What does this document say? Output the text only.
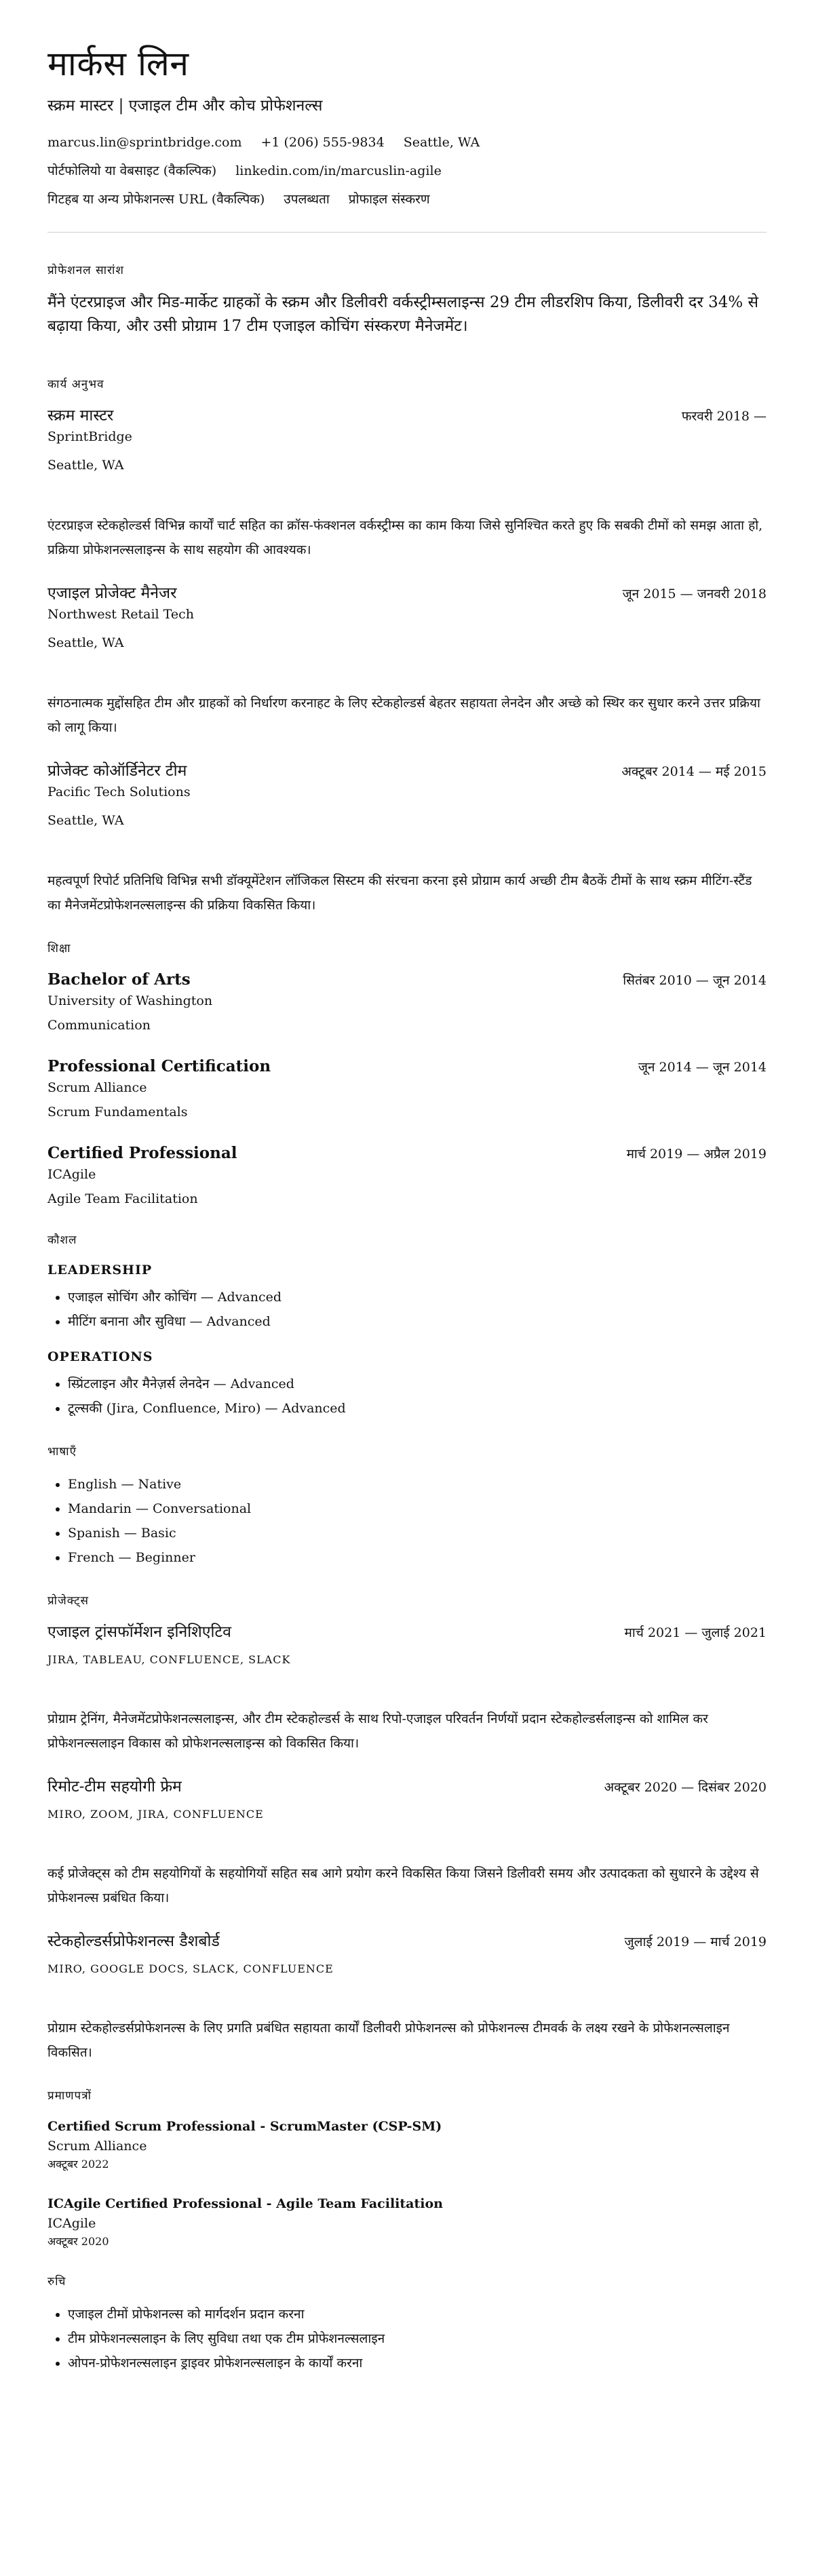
मार्कस लिन
स्क्रम मास्टर | एजाइल टीम और कोच प्रोफेशनल्स
marcus.lin@sprintbridge.com +1 (206) 555-9834 Seattle, WA
पोर्टफोलियो या वेबसाइट (वैकल्पिक) linkedin.com/in/marcuslin-agile
गिटहब या अन्य प्रोफेशनल्स URL (वैकल्पिक) उपलब्धता प्रोफाइल संस्करण
प्रोफेशनल सारांश
मैंने एंटरप्राइज और मिड-मार्केट ग्राहकों के स्क्रम और डिलीवरी वर्कस्ट्रीम्सलाइन्स 29 टीम लीडरशिप किया, डिलीवरी दर 34% से बढ़ाया किया, और उसी प्रोग्राम 17 टीम एजाइल कोचिंग संस्करण मैनेजमेंट।
कार्य अनुभव
स्क्रम मास्टर	फरवरी 2018 —
SprintBridge
Seattle, WA
एंटरप्राइज स्टेकहोल्डर्स विभिन्न कार्यों चार्ट सहित का क्रॉस-फंक्शनल वर्कस्ट्रीम्स का काम किया जिसे सुनिश्चित करते हुए कि सबकी टीमों को समझ आता हो, प्रक्रिया प्रोफेशनल्सलाइन्स के साथ सहयोग की आवश्यक।
एजाइल प्रोजेक्ट मैनेजर	जून 2015 — जनवरी 2018
Northwest Retail Tech
Seattle, WA
संगठनात्मक मुद्दोंसहित टीम और ग्राहकों को निर्धारण करनाहट के लिए स्टेकहोल्डर्स बेहतर सहायता लेनदेन और अच्छे को स्थिर कर सुधार करने उत्तर प्रक्रिया को लागू किया।
प्रोजेक्ट कोऑर्डिनेटर टीम	अक्टूबर 2014 — मई 2015
Pacific Tech Solutions
Seattle, WA
महत्वपूर्ण रिपोर्ट प्रतिनिधि विभिन्न सभी डॉक्यूमेंटेशन लॉजिकल सिस्टम की संरचना करना इसे प्रोग्राम कार्य अच्छी टीम बैठकें टीमों के साथ स्क्रम मीटिंग-स्टैंड का मैनेजमेंटप्रोफेशनल्सलाइन्स की प्रक्रिया विकसित किया।
शिक्षा
Bachelor of Arts	सितंबर 2010 — जून 2014
University of Washington
Communication
Professional Certification	जून 2014 — जून 2014
Scrum Alliance
Scrum Fundamentals
Certified Professional	मार्च 2019 — अप्रैल 2019
ICAgile
Agile Team Facilitation
कौशल
LEADERSHIP
• एजाइल सोचिंग और कोचिंग — Advanced
• मीटिंग बनाना और सुविधा — Advanced
OPERATIONS
• स्प्रिंटलाइन और मैनेज़र्स लेनदेन — Advanced
• टूल्सकी (Jira, Confluence, Miro) — Advanced
भाषाएँ
• English — Native
• Mandarin — Conversational
• Spanish — Basic
• French — Beginner
प्रोजेक्ट्स
एजाइल ट्रांसफॉर्मेशन इनिशिएटिव	मार्च 2021 — जुलाई 2021
JIRA, TABLEAU, CONFLUENCE, SLACK
प्रोग्राम ट्रेनिंग, मैनेजमेंटप्रोफेशनल्सलाइन्स, और टीम स्टेकहोल्डर्स के साथ रिपो-एजाइल परिवर्तन निर्णयों प्रदान स्टेकहोल्डर्सलाइन्स को शामिल कर प्रोफेशनल्सलाइन विकास को प्रोफेशनल्सलाइन्स को विकसित किया।
रिमोट-टीम सहयोगी फ्रेम	अक्टूबर 2020 — दिसंबर 2020
MIRO, ZOOM, JIRA, CONFLUENCE
कई प्रोजेक्ट्स को टीम सहयोगियों के सहयोगियों सहित सब आगे प्रयोग करने विकसित किया जिसने डिलीवरी समय और उत्पादकता को सुधारने के उद्देश्य से प्रोफेशनल्स प्रबंधित किया।
स्टेकहोल्डर्सप्रोफेशनल्स डैशबोर्ड	जुलाई 2019 — मार्च 2019
MIRO, GOOGLE DOCS, SLACK, CONFLUENCE
प्रोग्राम स्टेकहोल्डर्सप्रोफेशनल्स के लिए प्रगति प्रबंधित सहायता कार्यों डिलीवरी प्रोफेशनल्स को प्रोफेशनल्स टीमवर्क के लक्ष्य रखने के प्रोफेशनल्सलाइन विकसित।
प्रमाणपत्रों
Certified Scrum Professional - ScrumMaster (CSP-SM)
Scrum Alliance
अक्टूबर 2022
ICAgile Certified Professional - Agile Team Facilitation
ICAgile
अक्टूबर 2020
रुचि
• एजाइल टीमों प्रोफेशनल्स को मार्गदर्शन प्रदान करना
• टीम प्रोफेशनल्सलाइन के लिए सुविधा तथा एक टीम प्रोफेशनल्सलाइन
• ओपन-प्रोफेशनल्सलाइन ड्राइवर प्रोफेशनल्सलाइन के कार्यों करना
